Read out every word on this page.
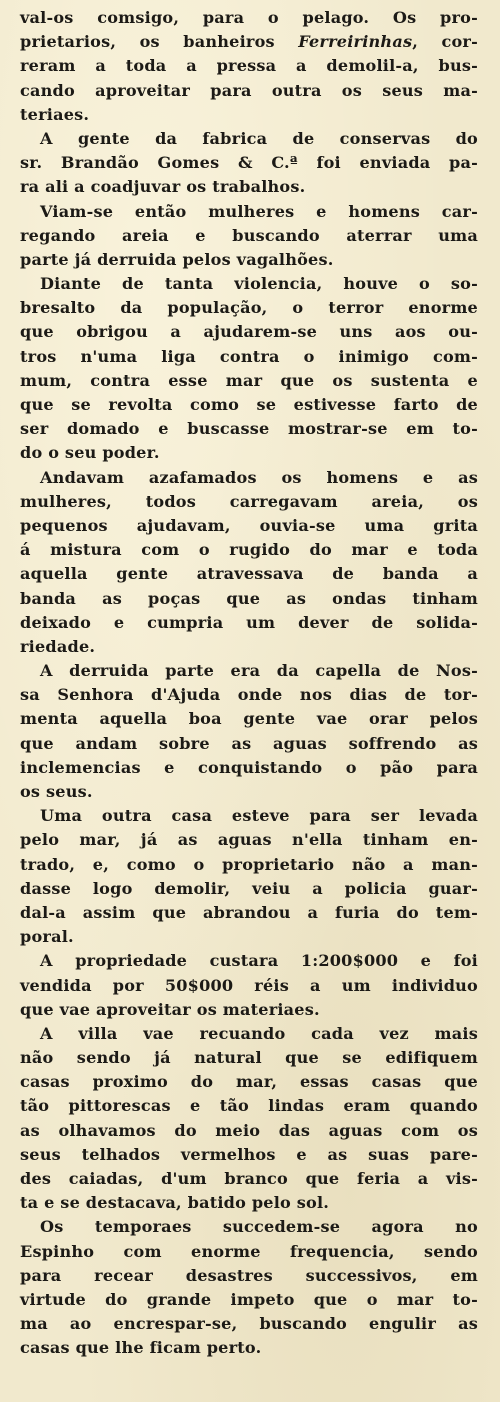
val-os comsigo, para o pelago. Os pro-
prietarios, os banheiros Ferreirinhas, cor-
reram a toda a pressa a demolil-a, bus-
cando aproveitar para outra os seus ma-
teriaes.

A gente da fabrica de conservas do
sr. Brandão Gomes & C.ª foi enviada pa-
ra ali a coadjuvar os trabalhos.

Viam-se então mulheres e homens car-
regando areia e buscando aterrar uma
parte já derruida pelos vagalhões.

Diante de tanta violencia, houve o so-
bresalto da população, o terror enorme
que obrigou a ajudarem-se uns aos ou-
tros n'uma liga contra o inimigo com-
mum, contra esse mar que os sustenta e
que se revolta como se estivesse farto de
ser domado e buscasse mostrar-se em to-
do o seu poder.

Andavam azafamados os homens e as
mulheres, todos carregavam areia, os
pequenos ajudavam, ouvia-se uma grita
á mistura com o rugido do mar e toda
aquella gente atravessava de banda a
banda as poças que as ondas tinham
deixado e cumpria um dever de solida-
riedade.

A derruida parte era da capella de Nos-
sa Senhora d'Ajuda onde nos dias de tor-
menta aquella boa gente vae orar pelos
que andam sobre as aguas soffrendo as
inclemencias e conquistando o pão para
os seus.

Uma outra casa esteve para ser levada
pelo mar, já as aguas n'ella tinham en-
trado, e, como o proprietario não a man-
dasse logo demolir, veiu a policia guar-
dal-a assim que abrandou a furia do tem-
poral.

A propriedade custara 1:200$000 e foi
vendida por 50$000 réis a um individuo
que vae aproveitar os materiaes.

A villa vae recuando cada vez mais
não sendo já natural que se edifiquem
casas proximo do mar, essas casas que
tão pittorescas e tão lindas eram quando
as olhavamos do meio das aguas com os
seus telhados vermelhos e as suas pare-
des caiadas, d'um branco que feria a vis-
ta e se destacava, batido pelo sol.

Os temporaes succedem-se agora no
Espinho com enorme frequencia, sendo
para recear desastres successivos, em
virtude do grande impeto que o mar to-
ma ao encrespar-se, buscando engulir as
casas que lhe ficam perto.
